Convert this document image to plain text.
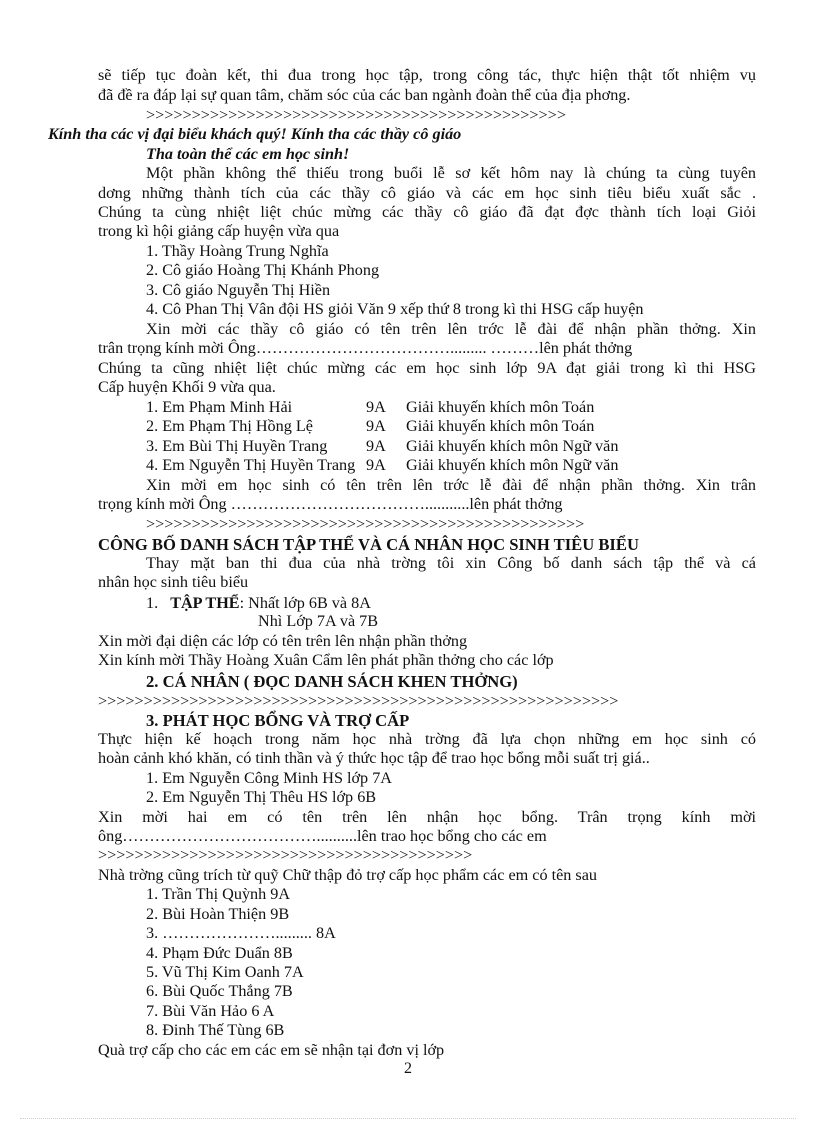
sẽ tiếp tục đoàn kết, thi đua trong học tập, trong công tác, thực hiện thật tốt nhiệm vụ
đã đề ra đáp lại sự quan tâm, chăm sóc của các ban ngành đoàn thể của địa phơng.
>>>>>>>>>>>>>>>>>>>>>>>>>>>>>>>>>>>>>>>>>>>>>>
Kính tha các vị đại biểu khách quý! Kính tha các thầy cô giáo
Tha toàn thể các em học sinh!
Một phần không thể thiếu trong buổi lễ sơ kết hôm nay là chúng ta cùng tuyên
dơng những thành tích của các thầy cô giáo và các em học sinh tiêu biểu xuất sắc .
Chúng ta cùng nhiệt liệt chúc mừng các thầy cô giáo đã đạt đợc thành tích loại Giỏi
trong kì hội giảng cấp huyện vừa qua
1. Thầy Hoàng Trung Nghĩa
2. Cô giáo Hoàng Thị Khánh Phong
3. Cô giáo Nguyễn Thị Hiền
4. Cô Phan Thị Vân đội HS giỏi Văn 9 xếp thứ 8 trong kì thi HSG cấp huyện
Xin mời các thầy cô giáo có tên trên lên trớc lễ đài để nhận phần thởng. Xin
trân trọng kính mời Ông………………………………......... ………lên phát thởng
Chúng ta cũng nhiệt liệt chúc mừng các em học sinh lớp 9A đạt giải trong kì thi HSG
Cấp huyện Khối 9 vừa qua.
1. Em Phạm Minh Hải	9A Giải khuyến khích môn Toán
2. Em Phạm Thị Hồng Lệ	9A Giải khuyến khích môn Toán
3. Em Bùi Thị Huyền Trang 9A Giải khuyến khích môn Ngữ văn
4. Em Nguyễn Thị Huyền Trang 9A Giải khuyến khích môn Ngữ văn
Xin mời em học sinh có tên trên lên trớc lễ đài để nhận phần thởng. Xin trân
trọng kính mời Ông ………………………………...........lên phát thởng
>>>>>>>>>>>>>>>>>>>>>>>>>>>>>>>>>>>>>>>>>>>>>>>>
CÔNG BỐ DANH SÁCH TẬP THỂ VÀ CÁ NHÂN HỌC SINH TIÊU BIỂU
Thay mặt ban thi đua của nhà trờng tôi xin Công bố danh sách tập thể và cá
nhân học sinh tiêu biểu
1. TẬP THỂ: Nhất lớp 6B và 8A
Nhì Lớp 7A và 7B
Xin mời đại diện các lớp có tên trên lên nhận phần thởng
Xin kính mời Thầy Hoàng Xuân Cẩm lên phát phần thởng cho các lớp
2. CÁ NHÂN ( ĐỌC DANH SÁCH KHEN THỞNG)
>>>>>>>>>>>>>>>>>>>>>>>>>>>>>>>>>>>>>>>>>>>>>>>>>>>>>>>>>
3. PHÁT HỌC BỔNG VÀ TRỢ CẤP
Thực hiện kế hoạch trong năm học nhà trờng đã lựa chọn những em học sinh có
hoàn cảnh khó khăn, có tinh thần và ý thức học tập để trao học bổng mỗi suất trị giá..
1. Em Nguyễn Công Minh HS lớp 7A
2. Em Nguyễn Thị Thêu HS lớp 6B
Xin mời hai em có tên trên lên nhận học bổng. Trân trọng kính mời
ông………………………………..........lên trao học bổng cho các em
>>>>>>>>>>>>>>>>>>>>>>>>>>>>>>>>>>>>>>>>>
Nhà trờng cũng trích từ quỹ Chữ thập đỏ trợ cấp học phẩm các em có tên sau
1. Trần Thị Quỳnh 9A
2. Bùi Hoàn Thiện 9B
3. …………………......... 8A
4. Phạm Đức Duẩn 8B
5. Vũ Thị Kim Oanh 7A
6. Bùi Quốc Thắng 7B
7. Bùi Văn Hảo 6 A
8. Đinh Thế Tùng 6B
Quà trợ cấp cho các em các em sẽ nhận tại đơn vị lớp
2
